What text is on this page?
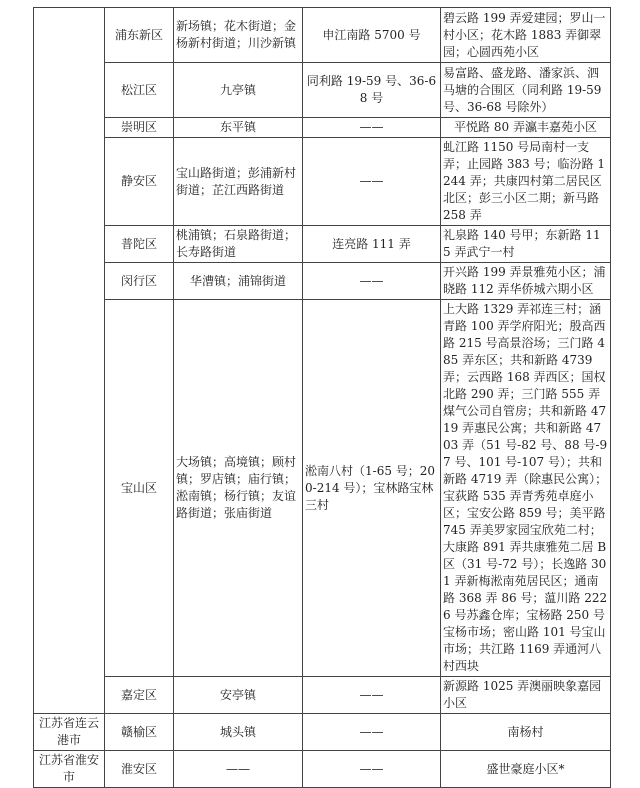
	浦东新区	新场镇；花木街道；金杨新村街道；川沙新镇	申江南路 5700 号	碧云路 199 弄爱建园；罗山一村小区；花木路 1883 弄御翠园；心圆西苑小区
	松江区	九亭镇	同利路 19-59 号、36-68 号	易富路、盛龙路、潘家浜、泗马塘的合围区（同利路 19-59 号、36-68 号除外）
	崇明区	东平镇	——	平悦路 80 弄瀛丰嘉苑小区
	静安区	宝山路街道；彭浦新村街道；芷江西路街道	——	虬江路 1150 号局南村一支弄；止园路 383 号；临汾路 1244 弄；共康四村第二居民区北区；彭三小区二期；新马路 258 弄
	普陀区	桃浦镇；石泉路街道；长寿路街道	连亮路 111 弄	礼泉路 140 号甲；东新路 115 弄武宁一村
	闵行区	华漕镇；浦锦街道	——	开兴路 199 弄景雅苑小区；浦晓路 112 弄华侨城六期小区
	宝山区	大场镇；高境镇；顾村镇；罗店镇；庙行镇；淞南镇；杨行镇；友谊路街道；张庙街道	淞南八村（1-65 号；200-214 号）；宝林路宝林三村	上大路 1329 弄祁连三村；涵青路 100 弄学府阳光；殷高西路 215 号高景浴场；三门路 485 弄东区；共和新路 4739 弄；云西路 168 弄西区；国权北路 290 弄；三门路 555 弄煤气公司自管房；共和新路 4719 弄惠民公寓；共和新路 4703 弄（51 号-82 号、88 号-97 号、101 号-107 号）；共和新路 4719 弄（除惠民公寓）；宝荻路 535 弄青秀苑卓庭小区；宝安公路 859 号；美平路 745 弄美罗家园宝欣苑二村；大康路 891 弄共康雅苑二居 B 区（31 号-72 号）；长逸路 301 弄新梅淞南苑居民区；通南路 368 弄 86 号；蕰川路 2226 号苏鑫仓库；宝杨路 250 号宝杨市场；密山路 101 号宝山市场；共江路 1169 弄通河八村西块
	嘉定区	安亭镇	——	新源路 1025 弄澳丽映象嘉园小区
江苏省连云港市	赣榆区	城头镇	——	南杨村
江苏省淮安市	淮安区	——	——	盛世豪庭小区*
